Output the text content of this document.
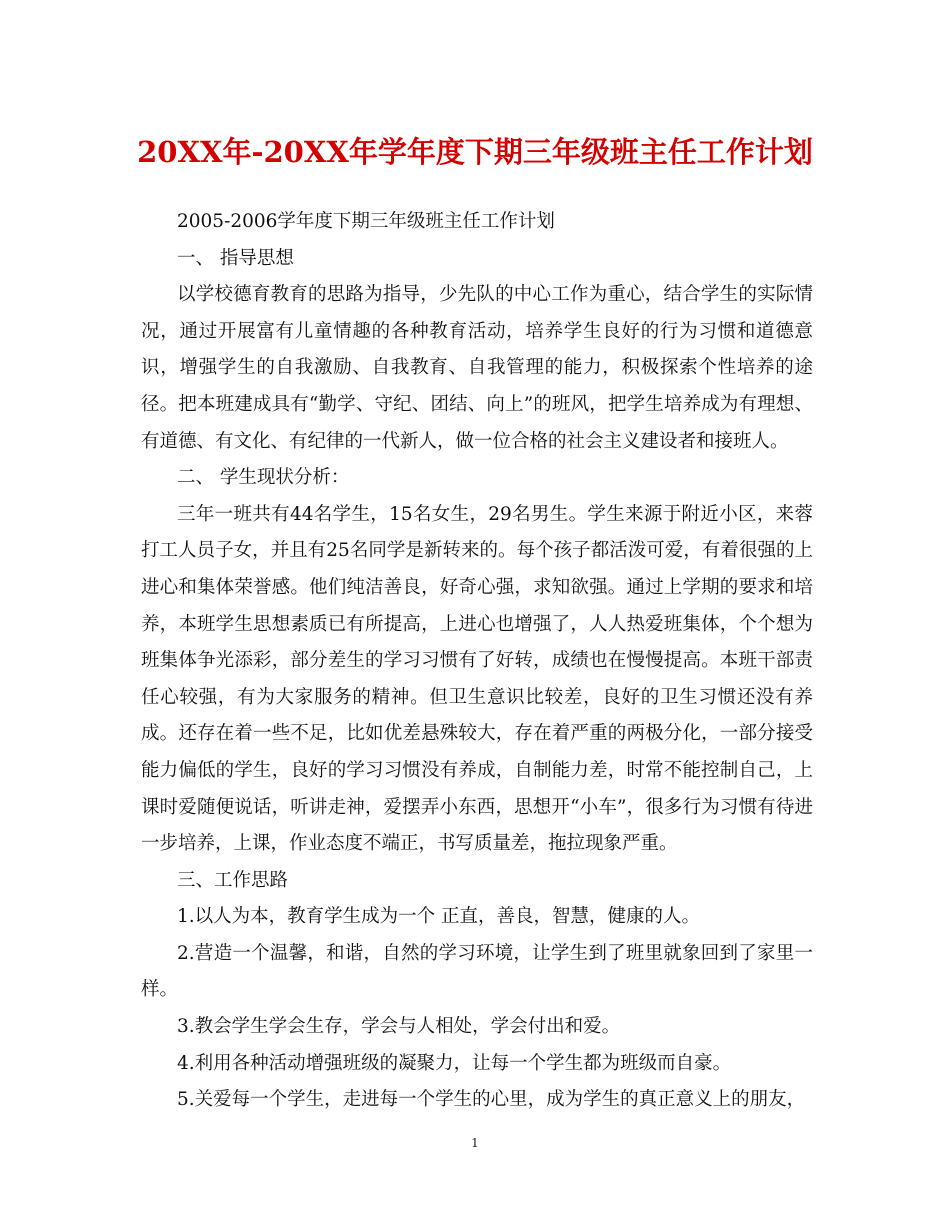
20XX年-20XX年学年度下期三年级班主任工作计划

2005-2006学年度下期三年级班主任工作计划

一、 指导思想

以学校德育教育的思路为指导，少先队的中心工作为重心，结合学生的实际情况，通过开展富有儿童情趣的各种教育活动，培养学生良好的行为习惯和道德意识，增强学生的自我激励、自我教育、自我管理的能力，积极探索个性培养的途径。把本班建成具有“勤学、守纪、团结、向上”的班风，把学生培养成为有理想、有道德、有文化、有纪律的一代新人，做一位合格的社会主义建设者和接班人。

二、 学生现状分析：

三年一班共有44名学生，15名女生，29名男生。学生来源于附近小区，来蓉打工人员子女，并且有25名同学是新转来的。每个孩子都活泼可爱，有着很强的上进心和集体荣誉感。他们纯洁善良，好奇心强，求知欲强。通过上学期的要求和培养，本班学生思想素质已有所提高，上进心也增强了，人人热爱班集体，个个想为班集体争光添彩，部分差生的学习习惯有了好转，成绩也在慢慢提高。本班干部责任心较强，有为大家服务的精神。但卫生意识比较差，良好的卫生习惯还没有养成。还存在着一些不足，比如优差悬殊较大，存在着严重的两极分化，一部分接受能力偏低的学生，良好的学习习惯没有养成，自制能力差，时常不能控制自己，上课时爱随便说话，听讲走神，爱摆弄小东西，思想开“小车”，很多行为习惯有待进一步培养，上课，作业态度不端正，书写质量差，拖拉现象严重。

三、工作思路

1.以人为本，教育学生成为一个 正直，善良，智慧，健康的人。

2.营造一个温馨，和谐，自然的学习环境，让学生到了班里就象回到了家里一样。

3.教会学生学会生存，学会与人相处，学会付出和爱。

4.利用各种活动增强班级的凝聚力，让每一个学生都为班级而自豪。

5.关爱每一个学生，走进每一个学生的心里，成为学生的真正意义上的朋友，

1
